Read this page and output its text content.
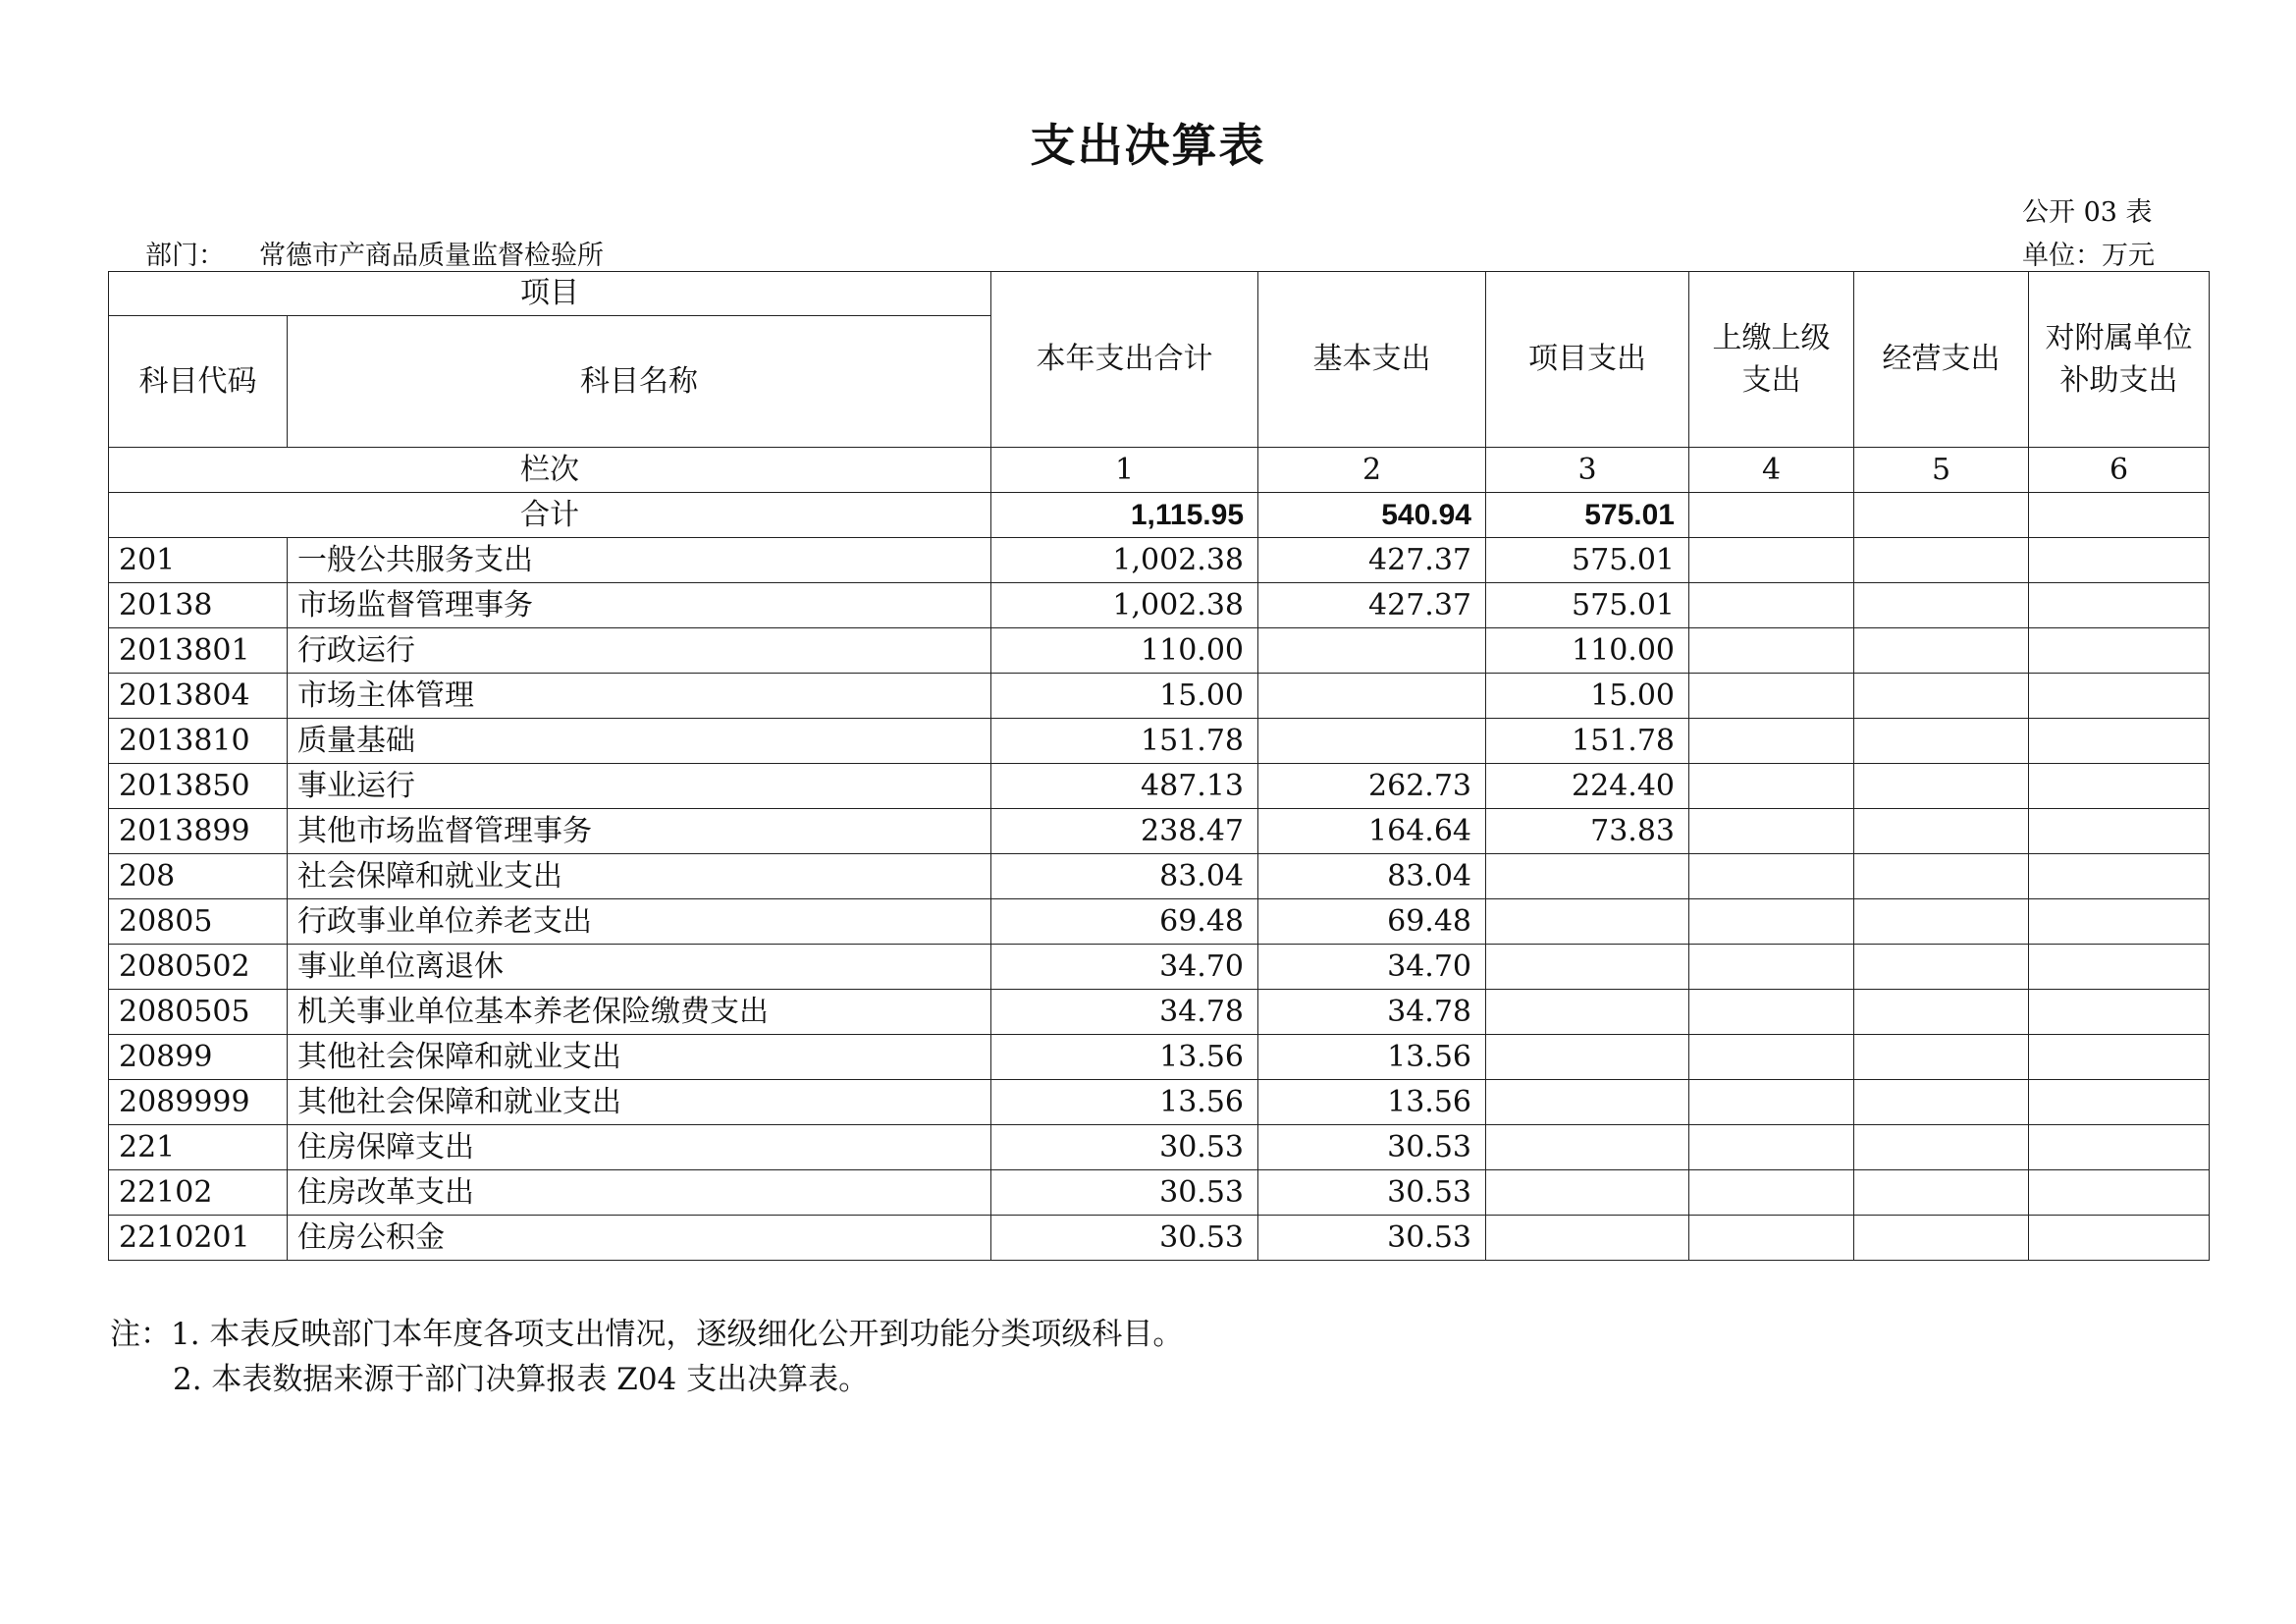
支出决算表
公开 03 表
部门： 常德市产商品质量监督检验所	单位：万元
项目		本年支出合计	基本支出	项目支出	上缴上级支出	经营支出	对附属单位补助支出
科目代码	科目名称						
栏次		1	2	3	4	5	6
合计		1,115.95	540.94	575.01			
201	一般公共服务支出	1,002.38	427.37	575.01			
20138	市场监督管理事务	1,002.38	427.37	575.01			
2013801	行政运行	110.00		110.00			
2013804	市场主体管理	15.00		15.00			
2013810	质量基础	151.78		151.78			
2013850	事业运行	487.13	262.73	224.40			
2013899	其他市场监督管理事务	238.47	164.64	73.83			
208	社会保障和就业支出	83.04	83.04				
20805	行政事业单位养老支出	69.48	69.48				
2080502	事业单位离退休	34.70	34.70				
2080505	机关事业单位基本养老保险缴费支出	34.78	34.78				
20899	其他社会保障和就业支出	13.56	13.56				
2089999	其他社会保障和就业支出	13.56	13.56				
221	住房保障支出	30.53	30.53				
22102	住房改革支出	30.53	30.53				
2210201	住房公积金	30.53	30.53				
注：1. 本表反映部门本年度各项支出情况，逐级细化公开到功能分类项级科目。
2. 本表数据来源于部门决算报表 Z04 支出决算表。
